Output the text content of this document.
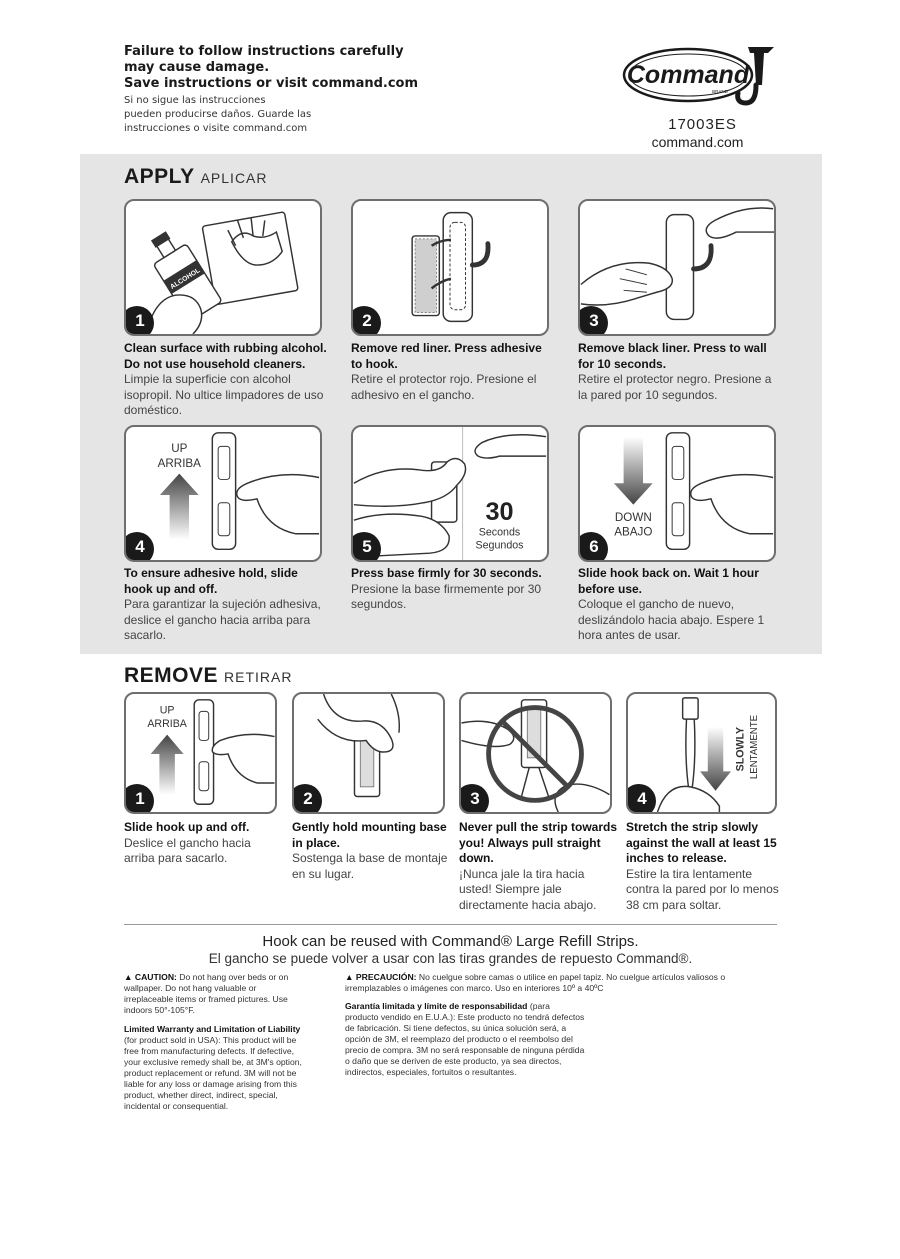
Failure to follow instructions carefully
may cause damage.
Save instructions or visit command.com
Si no sigue las instrucciones
pueden producirse daños. Guarde las
instrucciones o visite command.com
Command
BRAND
17003ES
command.com
APPLY APLICAR
ALCOHOL
1
Clean surface with rubbing alcohol. Do not use household cleaners.
Limpie la superficie con alcohol isopropil. No ultice limpadores de uso doméstico.
2
Remove red liner. Press adhesive to hook.
Retire el protector rojo. Presione el adhesivo en el gancho.
3
Remove black liner. Press to wall for 10 seconds.
Retire el protector negro. Presione a la pared por 10 segundos.
UP
ARRIBA
4
To ensure adhesive hold, slide hook up and off.
Para garantizar la sujeción adhesiva, deslice el gancho hacia arriba para sacarlo.
30
Seconds
Segundos
5
Press base firmly for 30 seconds.
Presione la base firmemente por 30 segundos.
DOWN
ABAJO
6
Slide hook back on. Wait 1 hour before use.
Coloque el gancho de nuevo, deslizándolo hacia abajo. Espere 1 hora antes de usar.
REMOVE RETIRAR
UP
ARRIBA
1
Slide hook up and off.
Deslice el gancho hacia arriba para sacarlo.
2
Gently hold mounting base in place.
Sostenga la base de montaje en su lugar.
3
Never pull the strip towards you! Always pull straight down.
¡Nunca jale la tira hacia usted! Siempre jale directamente hacia abajo.
SLOWLY LENTAMENTE
4
Stretch the strip slowly against the wall at least 15 inches to release.
Estire la tira lentamente contra la pared por lo menos 38 cm para soltar.
Hook can be reused with Command® Large Refill Strips.
El gancho se puede volver a usar con las tiras grandes de repuesto Command®.
▲ CAUTION: Do not hang over beds or on wallpaper. Do not hang valuable or irreplaceable items or framed pictures. Use indoors 50°-105°F.
Limited Warranty and Limitation of Liability (for product sold in USA): This product will be free from manufacturing defects. If defective, your exclusive remedy shall be, at 3M's option, product replacement or refund. 3M will not be liable for any loss or damage arising from this product, whether direct, indirect, special, incidental or consequential.
▲ PRECAUCIÓN: No cuelgue sobre camas o utilice en papel tapiz. No cuelgue artículos valiosos o irremplazables o imágenes con marco. Uso en interiores 10º a 40ºC
Garantía limitada y límite de responsabilidad (para producto vendido en E.U.A.): Este producto no tendrá defectos de fabricación. Si tiene defectos, su única solución será, a opción de 3M, el reemplazo del producto o el reembolso del precio de compra. 3M no será responsable de ninguna pérdida o daño que se deriven de este producto, ya sea directos, indirectos, especiales, fortuitos o resultantes.
